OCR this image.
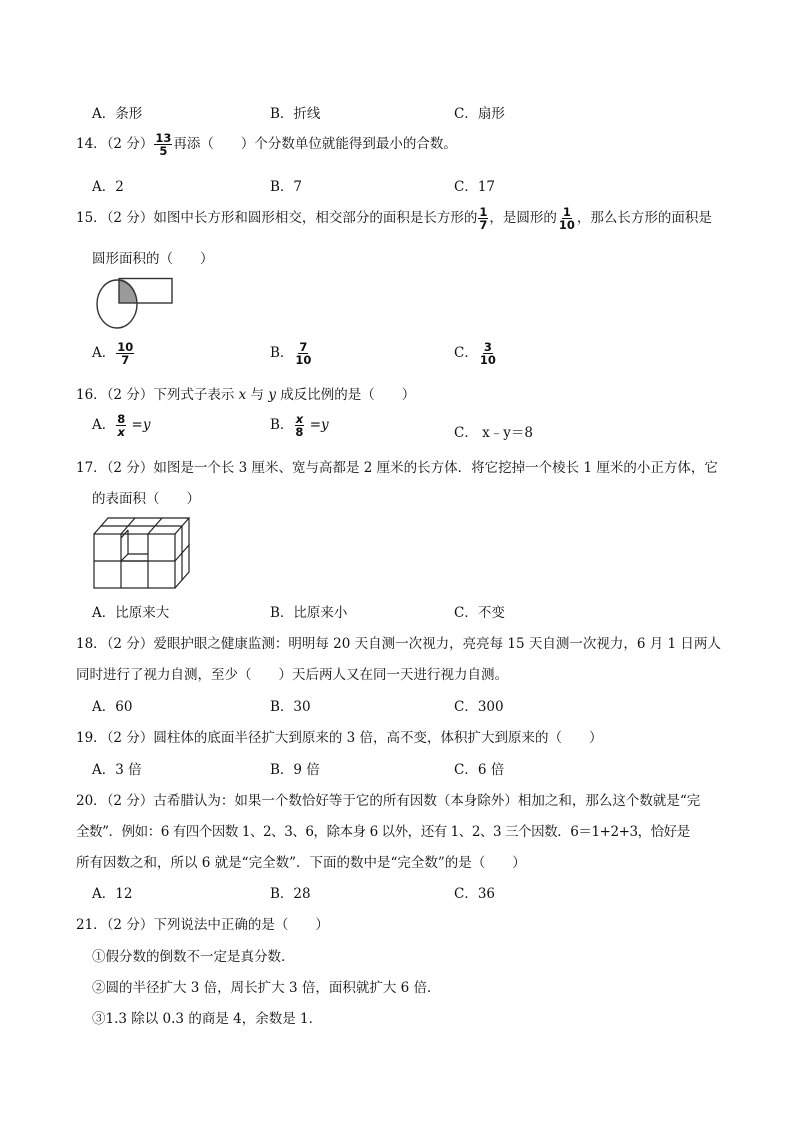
A．条形	B．折线	C．扇形
14．（2 分） $\frac{13}{5}$ 再添（　　）个分数单位就能得到最小的合数。
A．2	B．7	C．17
15．（2 分）如图中长方形和圆形相交，相交部分的面积是长方形的 $\frac{1}{7}$ ，是圆形的 $\frac{1}{10}$ ，那么长方形的面积是
圆形面积的（　　）
A． $\frac{10}{7}$	B． $\frac{7}{10}$	C． $\frac{3}{10}$
16．（2 分）下列式子表示 x 与 y 成反比例的是（　　）
A． $\frac{8}{x} =y$	B． $\frac{x}{8} =y$	C． x﹣y＝8
17．（2 分）如图是一个长 3 厘米、宽与高都是 2 厘米的长方体．将它挖掉一个棱长 1 厘米的小正方体，它
的表面积（　　）
A．比原来大	B．比原来小	C．不变
18．（2 分）爱眼护眼之健康监测：明明每 20 天自测一次视力，亮亮每 15 天自测一次视力，6 月 1 日两人
同时进行了视力自测，至少（　　）天后两人又在同一天进行视力自测。
A．60	B．30	C．300
19．（2 分）圆柱体的底面半径扩大到原来的 3 倍，高不变，体积扩大到原来的（　　）
A．3 倍	B．9 倍	C．6 倍
20．（2 分）古希腊认为：如果一个数恰好等于它的所有因数（本身除外）相加之和，那么这个数就是“完
全数”．例如：6 有四个因数 1、2、3、6，除本身 6 以外，还有 1、2、3 三个因数．6＝1+2+3，恰好是
所有因数之和，所以 6 就是“完全数”．下面的数中是“完全数”的是（　　）
A．12	B．28	C．36
21．（2 分）下列说法中正确的是（　　）
①假分数的倒数不一定是真分数．
②圆的半径扩大 3 倍，周长扩大 3 倍，面积就扩大 6 倍．
③1.3 除以 0.3 的商是 4，余数是 1．
